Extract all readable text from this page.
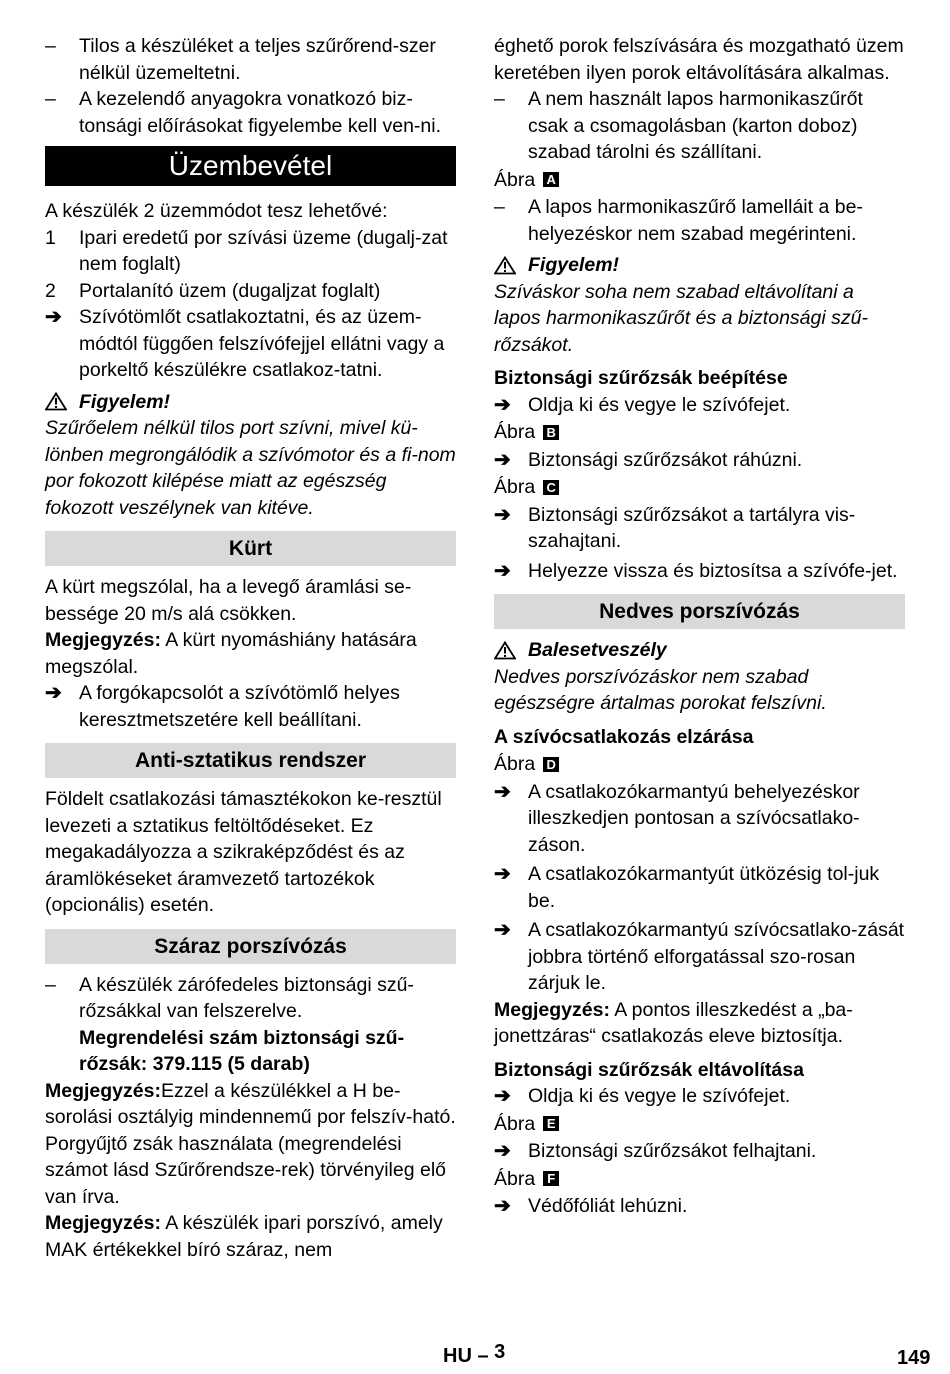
–	Tilos a készüléket a teljes szűrőrend-szer nélkül üzemeltetni.
–	A kezelendő anyagokra vonatkozó biz-tonsági előírásokat figyelembe kell ven-ni.
Üzembevétel

A készülék 2 üzemmódot tesz lehetővé:

1	Ipari eredetű por szívási üzeme (dugalj-zat nem foglalt)
2	Portalanító üzem (dugaljzat foglalt)
➔ Szívótömlőt csatlakoztatni, és az üzem-módtól függően felszívófejjel ellátni vagy a porkeltő készülékre csatlakoz-tatni.
Figyelem!

Szűrőelem nélkül tilos port szívni, mivel kü-lönben megrongálódik a szívómotor és a fi-nom por fokozott kilépése miatt az egészség fokozott veszélynek van kitéve.

Kürt

A kürt megszólal, ha a levegő áramlási se-bessége 20 m/s alá csökken.

Megjegyzés: A kürt nyomáshiány hatására megszólal.

➔ A forgókapcsolót a szívótömlő helyes keresztmetszetére kell beállítani.
Anti-sztatikus rendszer

Földelt csatlakozási támasztékokon ke-resztül levezeti a sztatikus feltöltődéseket. Ez megakadályozza a szikraképződést és az áramlökéseket áramvezető tartozékok (opcionális) esetén.

Száraz porszívózás
–	A készülék zárófedeles biztonsági szű-rőzsákkal van felszerelve.

Megrendelési szám biztonsági szű-rőzsák: 379.115 (5 darab)

Megjegyzés:Ezzel a készülékkel a H be-sorolási osztályig mindennemű por felszív-ható. Porgyűjtő zsák használata (megrendelési számot lásd Szűrőrendsze-rek) törvényileg elő van írva.

Megjegyzés: A készülék ipari porszívó, amely MAK értékekkel bíró száraz, nem

éghető porok felszívására és mozgatható üzem keretében ilyen porok eltávolítására alkalmas.

–	A nem használt lapos harmonikaszűrőt csak a csomagolásban (karton doboz) szabad tárolni és szállítani.
Ábra A
–	A lapos harmonikaszűrő lamelláit a be-helyezéskor nem szabad megérinteni.
Figyelem!

Szíváskor soha nem szabad eltávolítani a lapos harmonikaszűrőt és a biztonsági szű-rőzsákot.

Biztonsági szűrőzsák beépítése

➔ Oldja ki és vegye le szívófejet.
Ábra B
➔ Biztonsági szűrőzsákot ráhúzni.
Ábra C
➔ Biztonsági szűrőzsákot a tartályra vis-szahajtani.
➔ Helyezze vissza és biztosítsa a szívófe-jet.
Nedves porszívózás
Balesetveszély

Nedves porszívózáskor nem szabad egészségre ártalmas porokat felszívni.

A szívócsatlakozás elzárása

Ábra D
➔ A csatlakozókarmantyú behelyezéskor illeszkedjen pontosan a szívócsatlako-záson.
➔ A csatlakozókarmantyút ütközésig tol-juk be.
➔ A csatlakozókarmantyú szívócsatlako-zását jobbra történő elforgatással szo-rosan zárjuk le.

Megjegyzés: A pontos illeszkedést a „ba-jonettzáras“ csatlakozás eleve biztosítja.

Biztonsági szűrőzsák eltávolítása

➔ Oldja ki és vegye le szívófejet.
Ábra E
➔ Biztonsági szűrőzsákot felhajtani.
Ábra F
➔ Védőfóliát lehúzni.
HU – 3	149
